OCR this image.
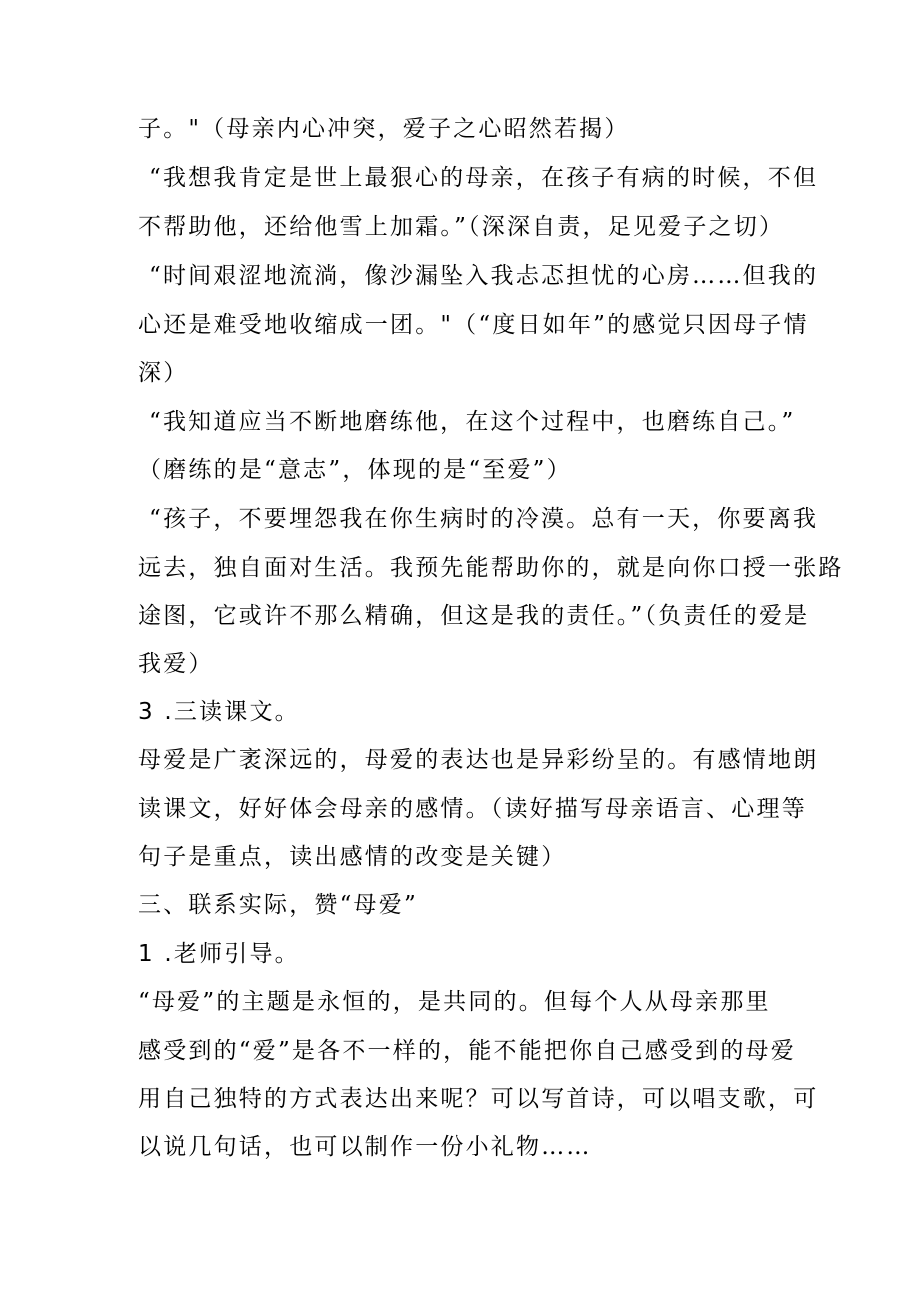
子。"（母亲内心冲突，爱子之心昭然若揭）
“我想我肯定是世上最狠心的母亲，在孩子有病的时候，不但
不帮助他，还给他雪上加霜。”（深深自责，足见爱子之切）
“时间艰涩地流淌，像沙漏坠入我忐忑担忧的心房……但我的
心还是难受地收缩成一团。"（“度日如年”的感觉只因母子情
深）
“我知道应当不断地磨练他，在这个过程中，也磨练自己。”
（磨练的是“意志”，体现的是“至爱”）
“孩子，不要埋怨我在你生病时的冷漠。总有一天，你要离我
远去，独自面对生活。我预先能帮助你的，就是向你口授一张路
途图，它或许不那么精确，但这是我的责任。”（负责任的爱是
我爱）
3 .三读课文。
母爱是广袤深远的，母爱的表达也是异彩纷呈的。有感情地朗
读课文，好好体会母亲的感情。（读好描写母亲语言、心理等
句子是重点，读出感情的改变是关键）
三、联系实际，赞“母爱”
1 .老师引导。
“母爱”的主题是永恒的，是共同的。但每个人从母亲那里
感受到的“爱”是各不一样的，能不能把你自己感受到的母爱
用自己独特的方式表达出来呢？可以写首诗，可以唱支歌，可
以说几句话，也可以制作一份小礼物……
